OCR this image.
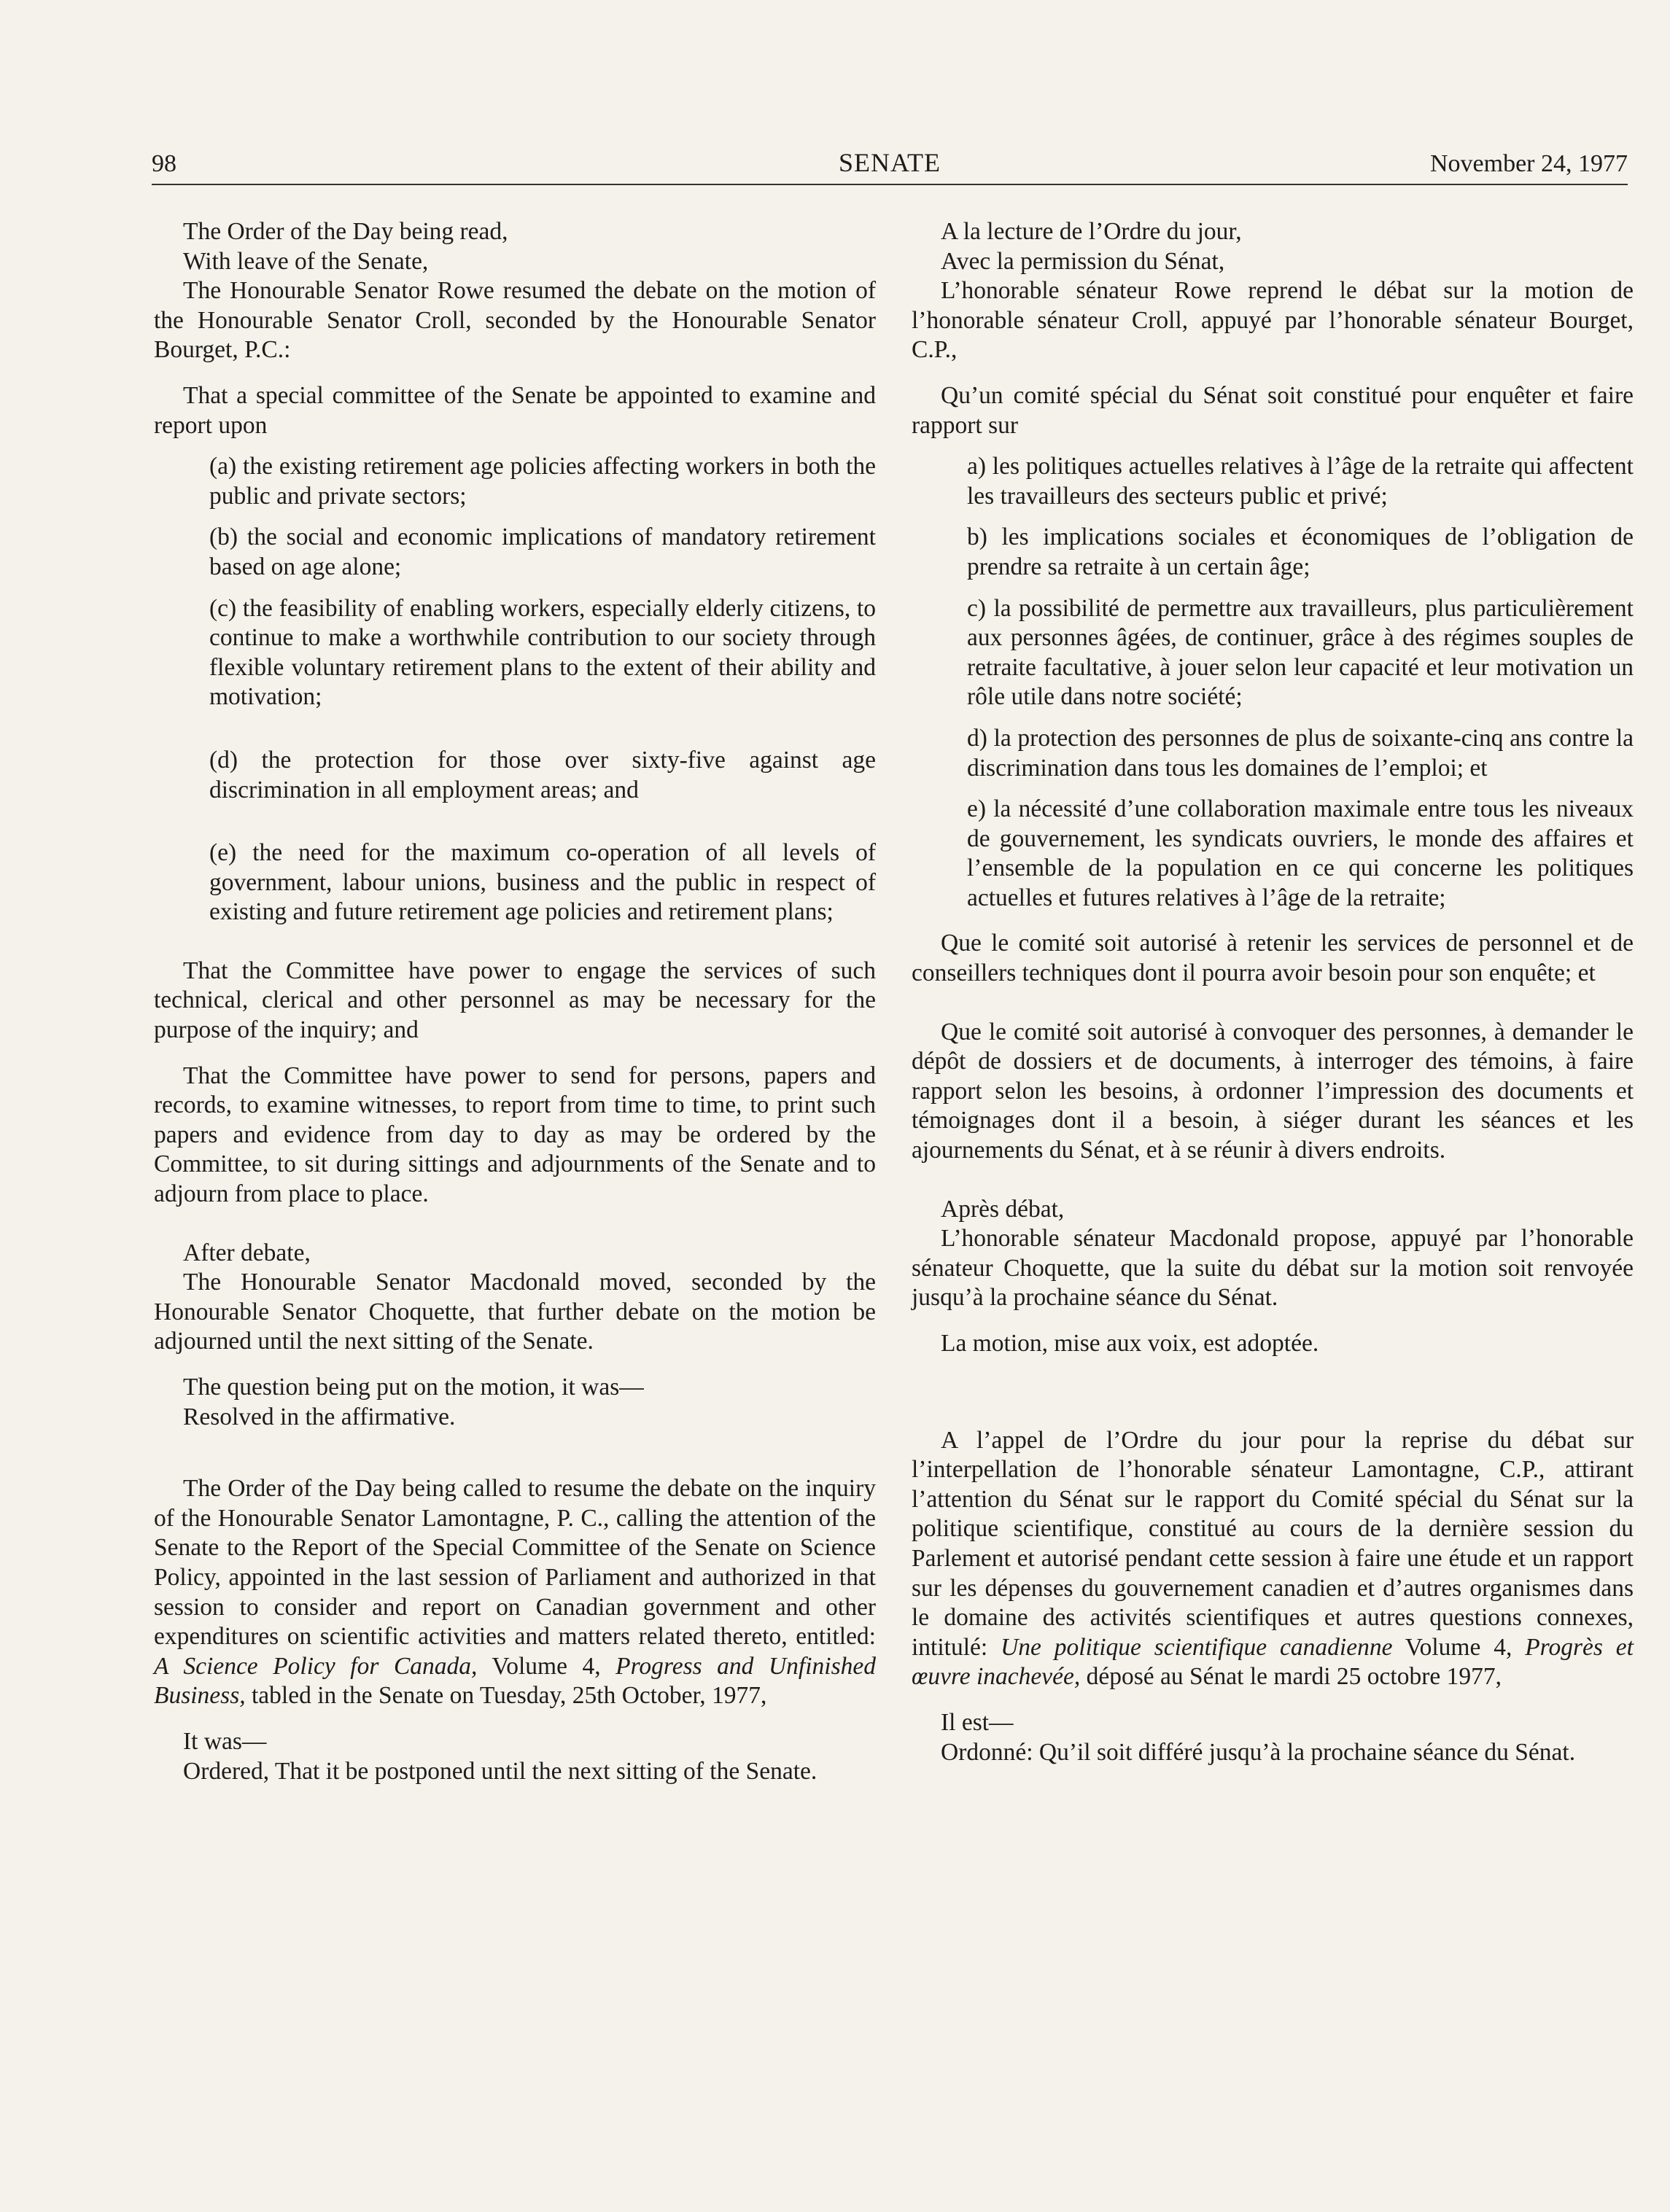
98	SENATE	November 24, 1977

The Order of the Day being read,

With leave of the Senate,

The Honourable Senator Rowe resumed the debate on the motion of the Honourable Senator Croll, seconded by the Honourable Senator Bourget, P.C.:

That a special committee of the Senate be appointed to examine and report upon

(a) the existing retirement age policies affecting workers in both the public and private sectors;

(b) the social and economic implications of mandatory retirement based on age alone;

(c) the feasibility of enabling workers, especially elderly citizens, to continue to make a worthwhile contribution to our society through flexible voluntary retirement plans to the extent of their ability and motivation;

(d) the protection for those over sixty-five against age discrimination in all employment areas; and

(e) the need for the maximum co-operation of all levels of government, labour unions, business and the public in respect of existing and future retirement age policies and retirement plans;

That the Committee have power to engage the services of such technical, clerical and other personnel as may be necessary for the purpose of the inquiry; and

That the Committee have power to send for persons, papers and records, to examine witnesses, to report from time to time, to print such papers and evidence from day to day as may be ordered by the Committee, to sit during sittings and adjournments of the Senate and to adjourn from place to place.

After debate,

The Honourable Senator Macdonald moved, seconded by the Honourable Senator Choquette, that further debate on the motion be adjourned until the next sitting of the Senate.

The question being put on the motion, it was—

Resolved in the affirmative.

The Order of the Day being called to resume the debate on the inquiry of the Honourable Senator Lamontagne, P. C., calling the attention of the Senate to the Report of the Special Committee of the Senate on Science Policy, appointed in the last session of Parliament and authorized in that session to consider and report on Canadian government and other expenditures on scientific activities and matters related thereto, entitled: A Science Policy for Canada, Volume 4, Progress and Unfinished Business, tabled in the Senate on Tuesday, 25th October, 1977,

It was—

Ordered, That it be postponed until the next sitting of the Senate.

A la lecture de l’Ordre du jour,

Avec la permission du Sénat,

L’honorable sénateur Rowe reprend le débat sur la motion de l’honorable sénateur Croll, appuyé par l’honorable sénateur Bourget, C.P.,

Qu’un comité spécial du Sénat soit constitué pour enquêter et faire rapport sur

a) les politiques actuelles relatives à l’âge de la retraite qui affectent les travailleurs des secteurs public et privé;

b) les implications sociales et économiques de l’obligation de prendre sa retraite à un certain âge;

c) la possibilité de permettre aux travailleurs, plus particulièrement aux personnes âgées, de continuer, grâce à des régimes souples de retraite facultative, à jouer selon leur capacité et leur motivation un rôle utile dans notre société;

d) la protection des personnes de plus de soixante-cinq ans contre la discrimination dans tous les domaines de l’emploi; et

e) la nécessité d’une collaboration maximale entre tous les niveaux de gouvernement, les syndicats ouvriers, le monde des affaires et l’ensemble de la population en ce qui concerne les politiques actuelles et futures relatives à l’âge de la retraite;

Que le comité soit autorisé à retenir les services de personnel et de conseillers techniques dont il pourra avoir besoin pour son enquête; et

Que le comité soit autorisé à convoquer des personnes, à demander le dépôt de dossiers et de documents, à interroger des témoins, à faire rapport selon les besoins, à ordonner l’impression des documents et témoignages dont il a besoin, à siéger durant les séances et les ajournements du Sénat, et à se réunir à divers endroits.

Après débat,

L’honorable sénateur Macdonald propose, appuyé par l’honorable sénateur Choquette, que la suite du débat sur la motion soit renvoyée jusqu’à la prochaine séance du Sénat.

La motion, mise aux voix, est adoptée.

A l’appel de l’Ordre du jour pour la reprise du débat sur l’interpellation de l’honorable sénateur Lamontagne, C.P., attirant l’attention du Sénat sur le rapport du Comité spécial du Sénat sur la politique scientifique, constitué au cours de la dernière session du Parlement et autorisé pendant cette session à faire une étude et un rapport sur les dépenses du gouvernement canadien et d’autres organismes dans le domaine des activités scientifiques et autres questions connexes, intitulé: Une politique scientifique canadienne Volume 4, Progrès et œuvre inachevée, déposé au Sénat le mardi 25 octobre 1977,

Il est—

Ordonné: Qu’il soit différé jusqu’à la prochaine séance du Sénat.
